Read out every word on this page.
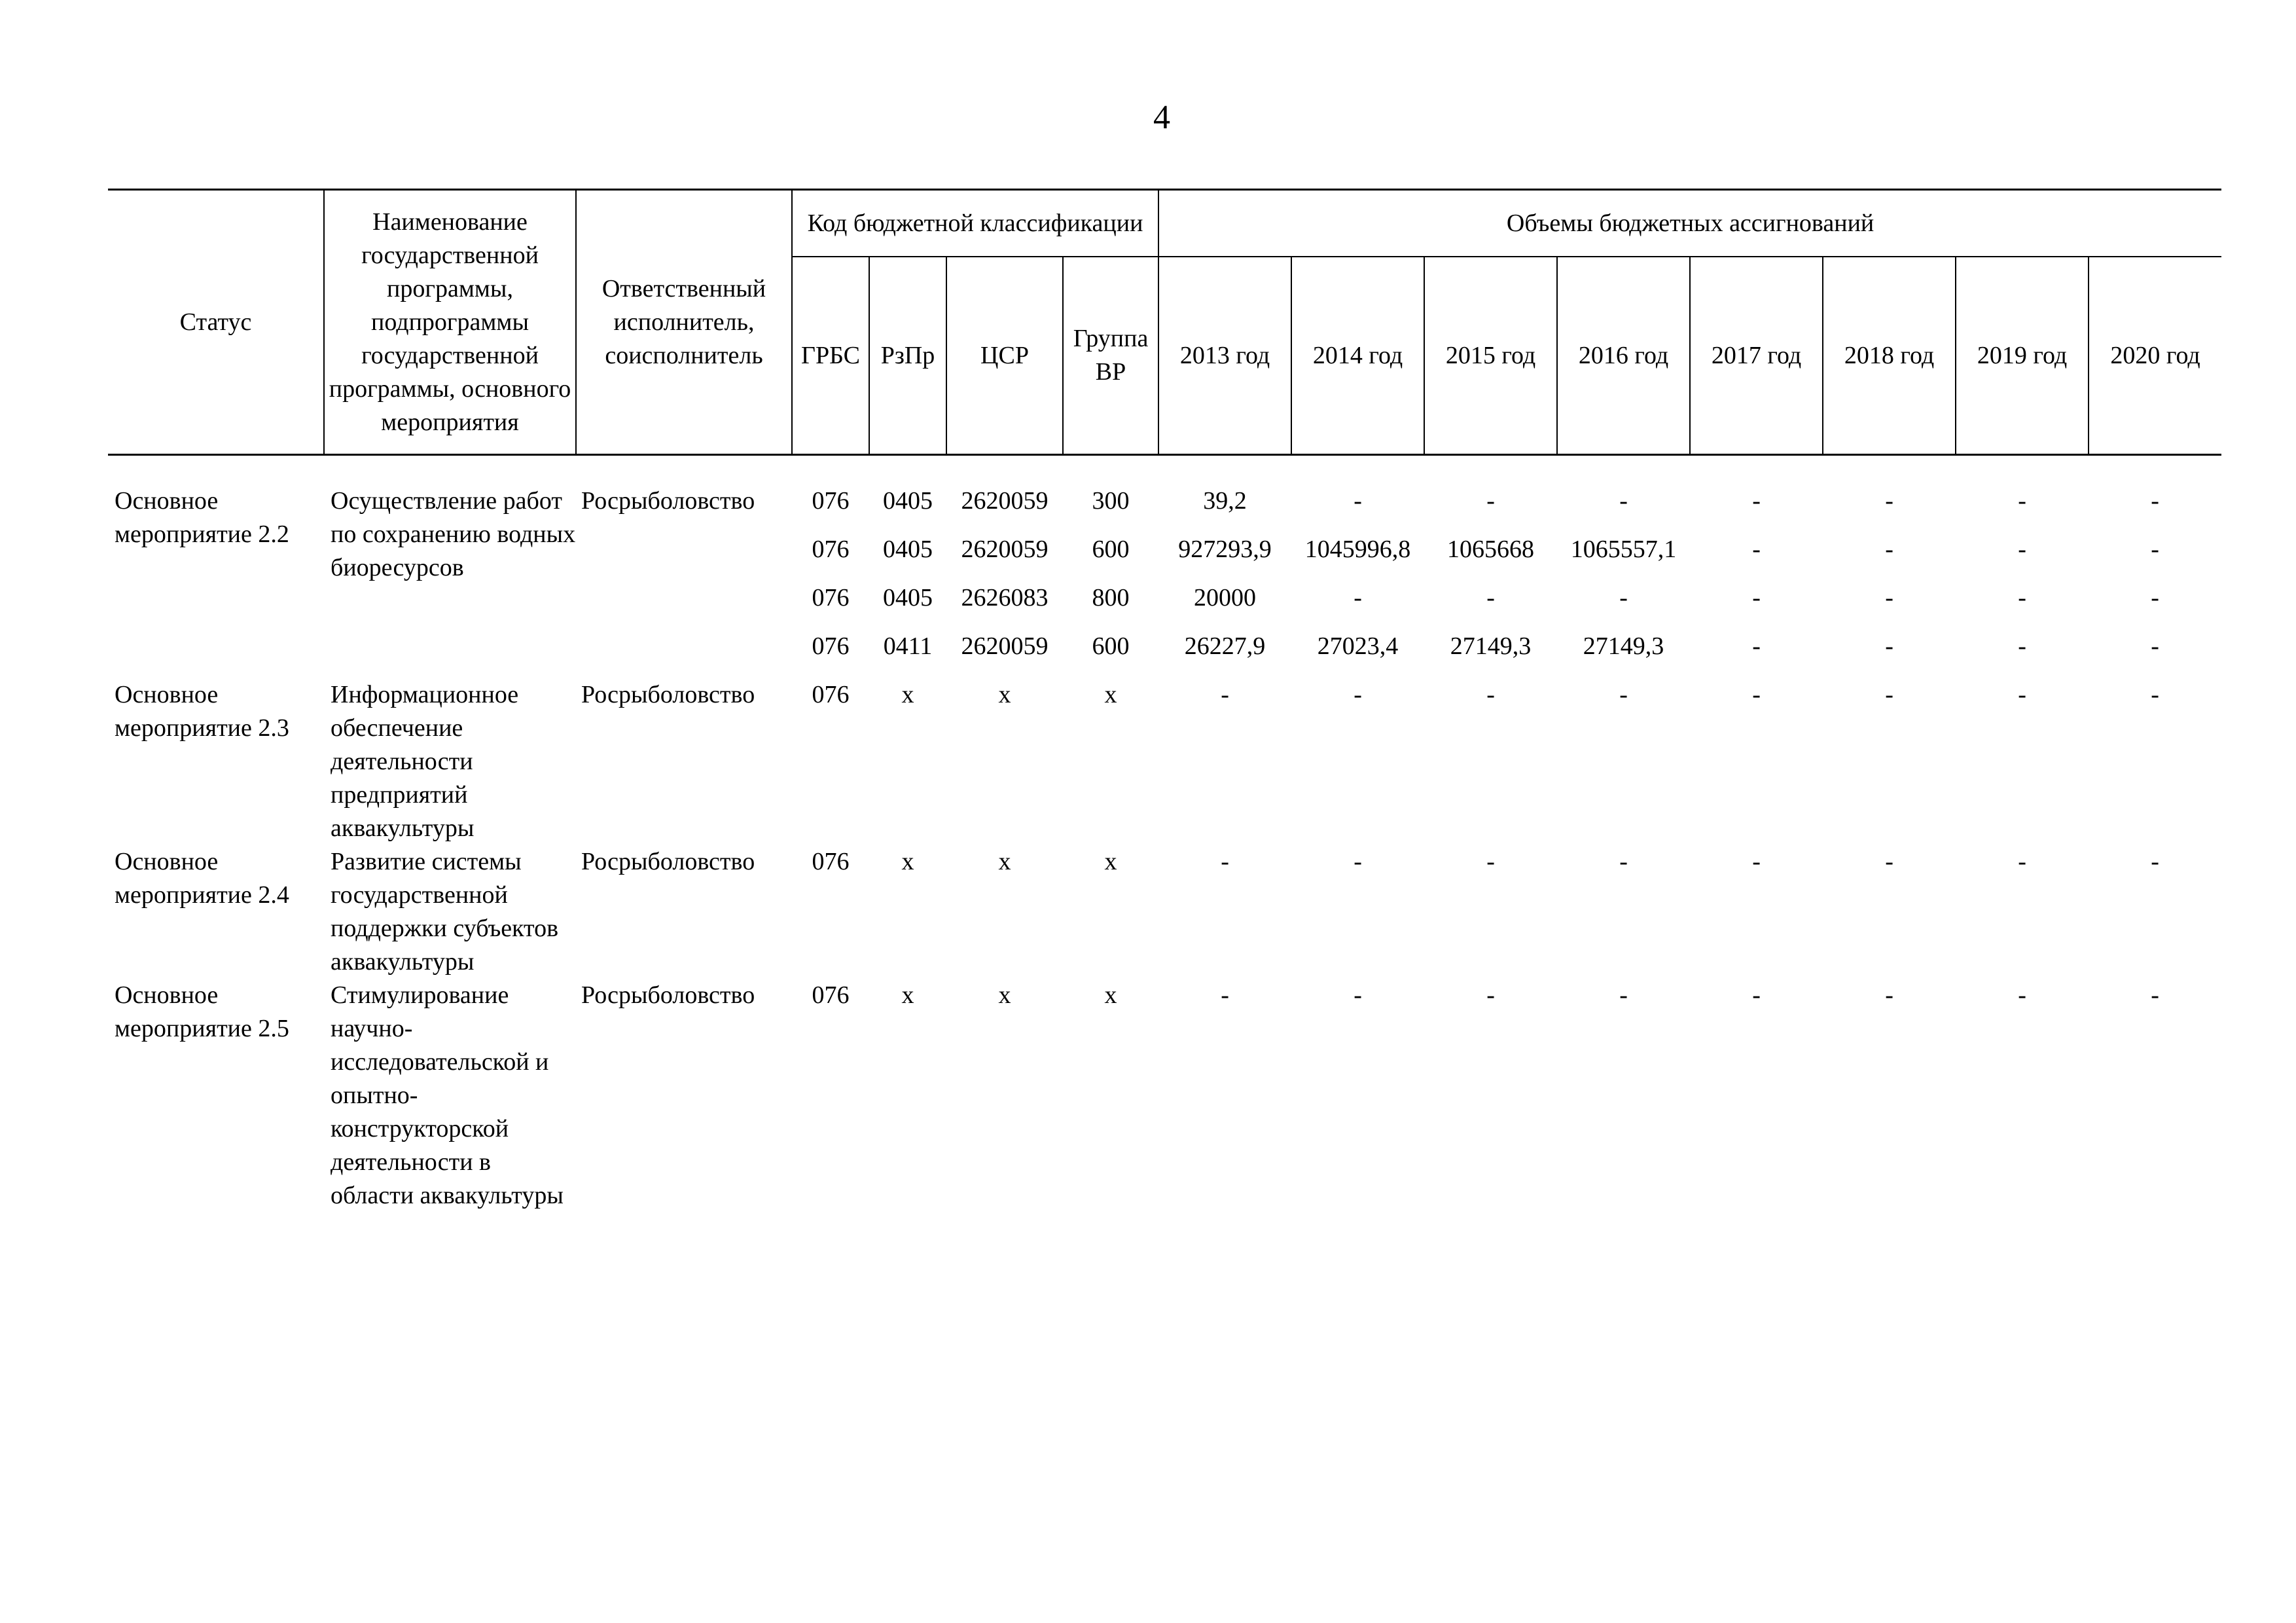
4
Статус	Наименование государственной программы, подпрограммы государственной программы, основного мероприятия	Ответственный исполнитель, соисполнитель	Код бюджетной классификации				Объемы бюджетных ассигнований							
			ГРБС	РзПр	ЦСР	Группа ВР	2013 год	2014 год	2015 год	2016 год	2017 год	2018 год	2019 год	2020 год

Основное мероприятие 2.2	Осуществление работ по сохранению водных биоресурсов	Росрыболовство	076	0405	2620059	300	39,2	-	-	-	-	-	-	-
			076	0405	2620059	600	927293,9	1045996,8	1065668	1065557,1	-	-	-	-
			076	0405	2626083	800	20000	-	-	-	-	-	-	-
			076	0411	2620059	600	26227,9	27023,4	27149,3	27149,3	-	-	-	-
Основное мероприятие 2.3	Информационное обеспечение деятельности предприятий аквакультуры	Росрыболовство	076	x	x	x	-	-	-	-	-	-	-	-
Основное мероприятие 2.4	Развитие системы государственной поддержки субъектов аквакультуры	Росрыболовство	076	x	x	x	-	-	-	-	-	-	-	-
Основное мероприятие 2.5	Стимулирование научно-исследовательской и опытно-конструкторской деятельности в области аквакультуры	Росрыболовство	076	x	x	x	-	-	-	-	-	-	-	-
